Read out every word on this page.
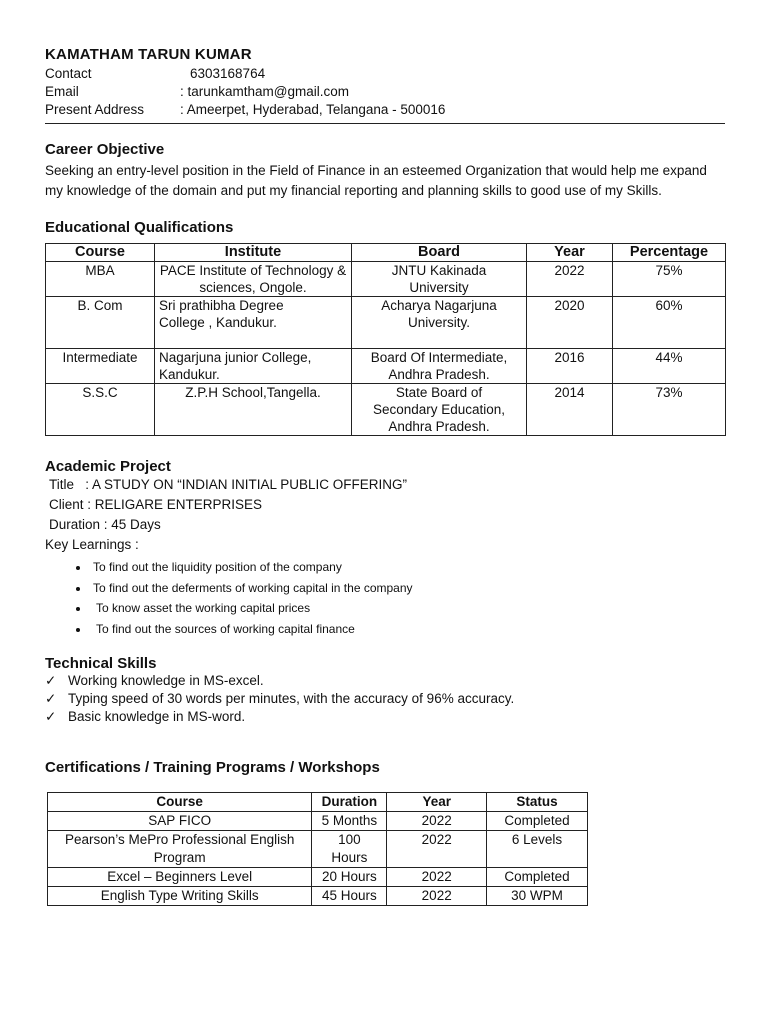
KAMATHAM TARUN KUMAR
Contact	6303168764
Email	: tarunkamtham@gmail.com
Present Address	: Ameerpet, Hyderabad, Telangana - 500016
Career Objective
Seeking an entry-level position in the Field of Finance in an esteemed Organization that would help me expand my knowledge of the domain and put my financial reporting and planning skills to good use of my Skills.
Educational Qualifications
Course	Institute	Board	Year	Percentage
MBA	PACE Institute of Technology & sciences, Ongole.	JNTU Kakinada University	2022	75%
B. Com	Sri prathibha Degree College , Kandukur.	Acharya Nagarjuna University.	2020	60%
Intermediate	Nagarjuna junior College, Kandukur.	Board Of Intermediate, Andhra Pradesh.	2016	44%
S.S.C	Z.P.H School,Tangella.	State Board of Secondary Education, Andhra Pradesh.	2014	73%
Academic Project
Title   : A STUDY ON “INDIAN INITIAL PUBLIC OFFERING”
Client : RELIGARE ENTERPRISES
Duration : 45 Days
Key Learnings :
• To find out the liquidity position of the company
• To find out the deferments of working capital in the company
• To know asset the working capital prices
• To find out the sources of working capital finance
Technical Skills
✓ Working knowledge in MS-excel.
✓ Typing speed of 30 words per minutes, with the accuracy of 96% accuracy.
✓ Basic knowledge in MS-word.
Certifications / Training Programs / Workshops
Course	Duration	Year	Status
SAP FICO	5 Months	2022	Completed
Pearson’s MePro Professional English Program	100 Hours	2022	6 Levels
Excel – Beginners Level	20 Hours	2022	Completed
English Type Writing Skills	45 Hours	2022	30 WPM
